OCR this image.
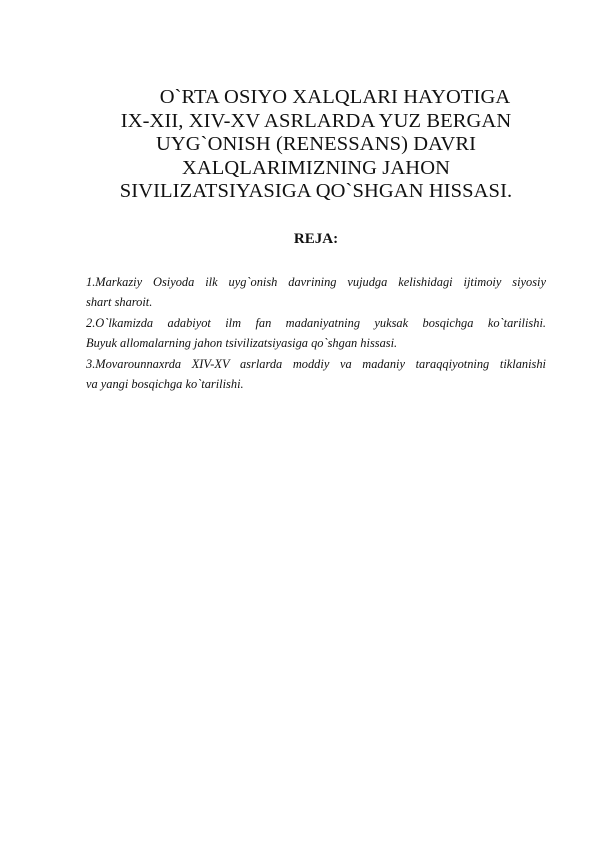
O`RTA OSIYO XALQLARI HAYOTIGA
IX-XII, XIV-XV ASRLARDA YUZ BERGAN
UYG`ONISH (RENESSANS) DAVRI
XALQLARIMIZNING JAHON
SIVILIZATSIYASIGA QO`SHGAN HISSASI.
REJA:
1.Markaziy Osiyoda ilk uyg`onish davrining vujudga kelishidagi ijtimoiy siyosiy
shart sharoit.
2.O`lkamizda adabiyot ilm fan madaniyatning yuksak bosqichga ko`tarilishi.
Buyuk allomalarning jahon tsivilizatsiyasiga qo`shgan hissasi.
3.Movarounnaxrda XIV-XV asrlarda moddiy va madaniy taraqqiyotning tiklanishi
va yangi bosqichga ko`tarilishi.
